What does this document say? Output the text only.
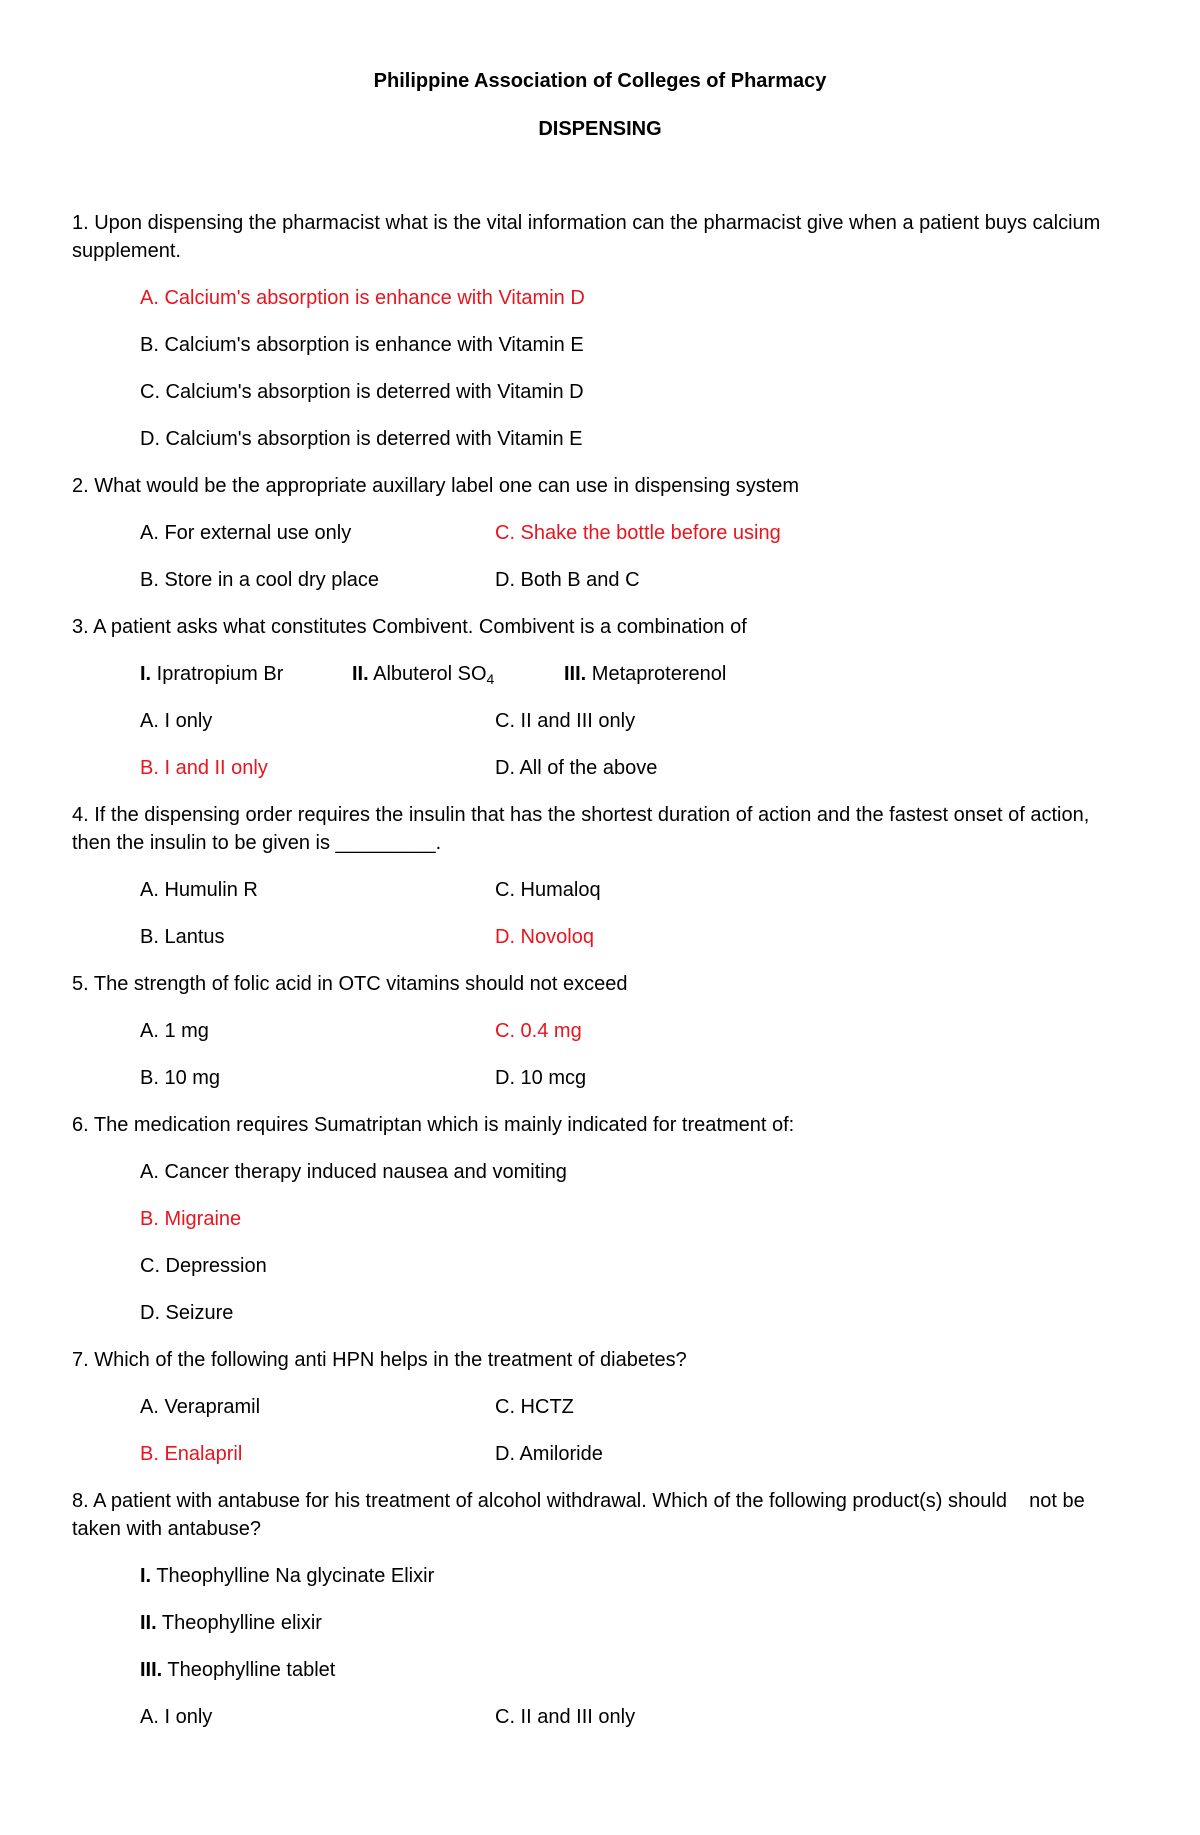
Philippine Association of Colleges of Pharmacy
DISPENSING
1. Upon dispensing the pharmacist what is the vital information can the pharmacist give when a patient buys calcium supplement.
A. Calcium's absorption is enhance with Vitamin D
B. Calcium's absorption is enhance with Vitamin E
C. Calcium's absorption is deterred with Vitamin D
D. Calcium's absorption is deterred with Vitamin E
2. What would be the appropriate auxillary label one can use in dispensing system
A. For external use only	C. Shake the bottle before using
B. Store in a cool dry place	D. Both B and C
3. A patient asks what constitutes Combivent. Combivent is a combination of
I. Ipratropium Br	II. Albuterol $SO_4$	III. Metaproterenol
A. I only	C. II and III only
B. I and II only	D. All of the above
4. If the dispensing order requires the insulin that has the shortest duration of action and the fastest onset of action, then the insulin to be given is _________.
A. Humulin R	C. Humaloq
B. Lantus	D. Novoloq
5. The strength of folic acid in OTC vitamins should not exceed
A. 1 mg	C. 0.4 mg
B. 10 mg	D. 10 mcg
6. The medication requires Sumatriptan which is mainly indicated for treatment of:
A. Cancer therapy induced nausea and vomiting
B. Migraine
C. Depression
D. Seizure
7. Which of the following anti HPN helps in the treatment of diabetes?
A. Verapramil	C. HCTZ
B. Enalapril	D. Amiloride
8. A patient with antabuse for his treatment of alcohol withdrawal. Which of the following product(s) should    not be taken with antabuse?
I. Theophylline Na glycinate Elixir
II. Theophylline elixir
III. Theophylline tablet
A. I only	C. II and III only
